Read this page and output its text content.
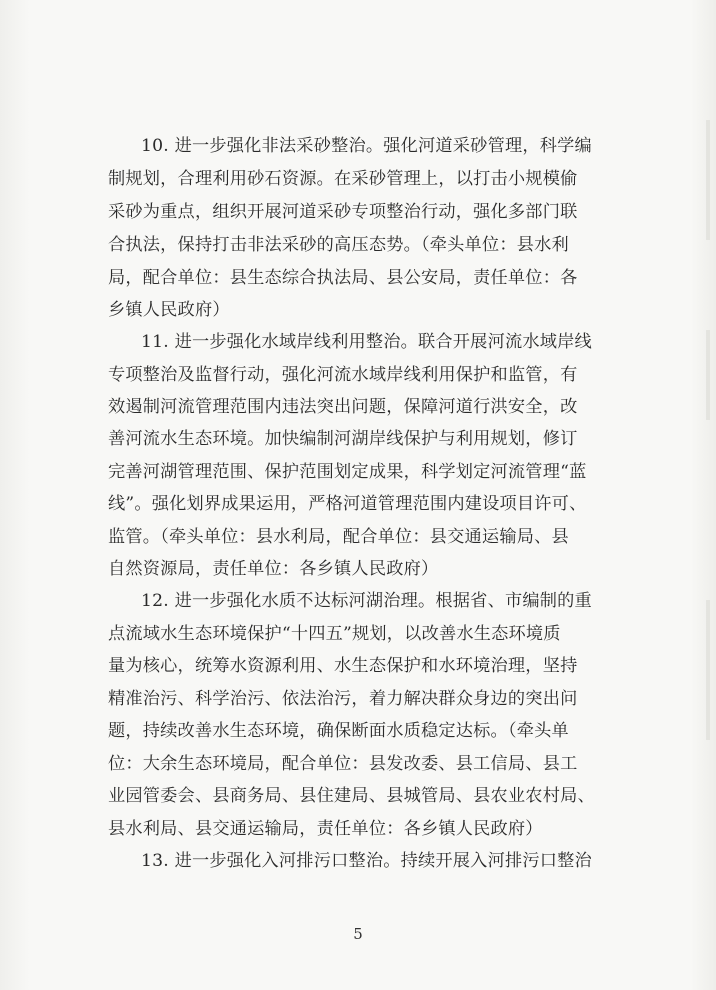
10. 进一步强化非法采砂整治。强化河道采砂管理，科学编
制规划，合理利用砂石资源。在采砂管理上，以打击小规模偷
采砂为重点，组织开展河道采砂专项整治行动，强化多部门联
合执法，保持打击非法采砂的高压态势。（牵头单位：县水利
局，配合单位：县生态综合执法局、县公安局，责任单位：各
乡镇人民政府）
11. 进一步强化水域岸线利用整治。联合开展河流水域岸线
专项整治及监督行动，强化河流水域岸线利用保护和监管，有
效遏制河流管理范围内违法突出问题，保障河道行洪安全，改
善河流水生态环境。加快编制河湖岸线保护与利用规划，修订
完善河湖管理范围、保护范围划定成果，科学划定河流管理“蓝
线”。强化划界成果运用，严格河道管理范围内建设项目许可、
监管。（牵头单位：县水利局，配合单位：县交通运输局、县
自然资源局，责任单位：各乡镇人民政府）
12. 进一步强化水质不达标河湖治理。根据省、市编制的重
点流域水生态环境保护“十四五”规划，以改善水生态环境质
量为核心，统筹水资源利用、水生态保护和水环境治理，坚持
精准治污、科学治污、依法治污，着力解决群众身边的突出问
题，持续改善水生态环境，确保断面水质稳定达标。（牵头单
位：大余生态环境局，配合单位：县发改委、县工信局、县工
业园管委会、县商务局、县住建局、县城管局、县农业农村局、
县水利局、县交通运输局，责任单位：各乡镇人民政府）
13. 进一步强化入河排污口整治。持续开展入河排污口整治
5
